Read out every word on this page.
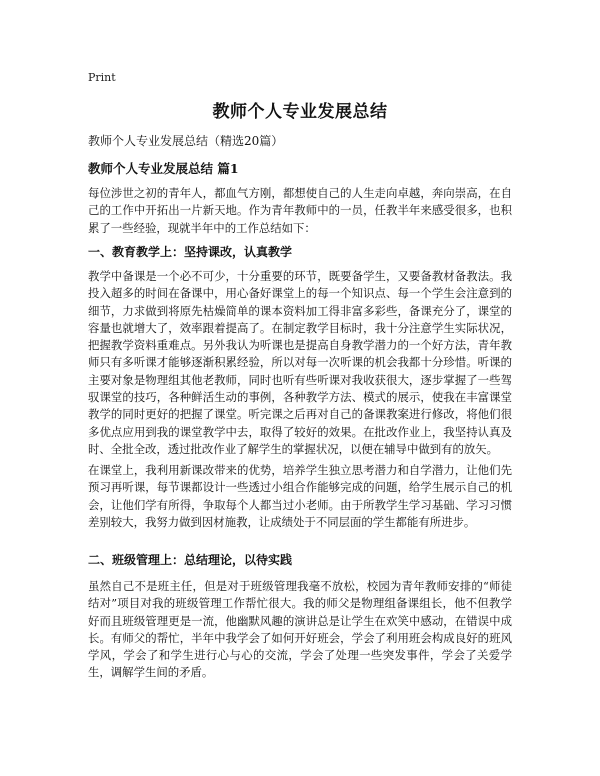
Print
教师个人专业发展总结
教师个人专业发展总结（精选20篇）
教师个人专业发展总结 篇1

每位涉世之初的青年人，都血气方刚，都想使自己的人生走向卓越，奔向崇高，在自己的工作中开拓出一片新天地。作为青年教师中的一员，任教半年来感受很多，也积累了一些经验，现就半年中的工作总结如下：

一、教育教学上：坚持课改，认真教学

教学中备课是一个必不可少，十分重要的环节，既要备学生，又要备教材备教法。我投入超多的时间在备课中，用心备好课堂上的每一个知识点、每一个学生会注意到的细节，力求做到将原先枯燥简单的课本资料加工得非富多彩些，备课充分了，课堂的容量也就增大了，效率跟着提高了。在制定教学目标时，我十分注意学生实际状况，把握教学资料重难点。另外我认为听课也是提高自身教学潜力的一个好方法，青年教师只有多听课才能够逐渐积累经验，所以对每一次听课的机会我都十分珍惜。听课的主要对象是物理组其他老教师，同时也听有些听课对我收获很大，逐步掌握了一些驾驭课堂的技巧，各种鲜活生动的事例，各种教学方法、模式的展示，使我在丰富课堂教学的同时更好的把握了课堂。听完课之后再对自己的备课教案进行修改，将他们很多优点应用到我的课堂教学中去，取得了较好的效果。在批改作业上，我坚持认真及时、全批全改，透过批改作业了解学生的掌握状况，以便在辅导中做到有的放矢。

在课堂上，我利用新课改带来的优势，培养学生独立思考潜力和自学潜力，让他们先预习再听课，每节课都设计一些透过小组合作能够完成的问题，给学生展示自己的机会，让他们学有所得，争取每个人都当过小老师。由于所教学生学习基础、学习习惯差别较大，我努力做到因材施教，让成绩处于不同层面的学生都能有所进步。

二、班级管理上：总结理论，以待实践

虽然自己不是班主任，但是对于班级管理我毫不放松，校园为青年教师安排的“师徒结对”项目对我的班级管理工作帮忙很大。我的师父是物理组备课组长，他不但教学好而且班级管理更是一流，他幽默风趣的演讲总是让学生在欢笑中感动，在错误中成长。有师父的帮忙，半年中我学会了如何开好班会，学会了利用班会构成良好的班风学风，学会了和学生进行心与心的交流，学会了处理一些突发事件，学会了关爱学生，调解学生间的矛盾。
